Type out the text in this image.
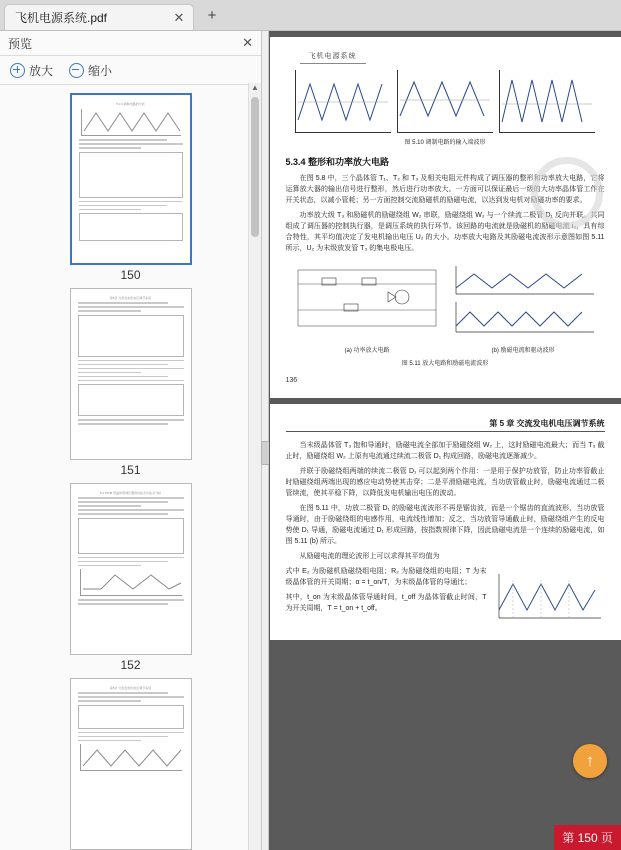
飞机电源系统.pdf	✕	+
预览	✕
放大	缩小
5.3.3 调制电路的分析
150
第5章 交流发电机电压调节系统
151
5.4 PWM 型晶体管调压器的性能及功能及分析
152
第5章 交流发电机电压调节系统
▲
飞机电源系统
图 5.10 调制电路的输入端波形
5.3.4 整形和功率放大电路

在图 5.8 中，三个晶体管 T₁、T₂ 和 T₃ 及相关电阻元件构成了调压器的整形和功率放大电路，它将运算放大器的输出信号进行整形，然后进行功率放大。一方面可以保证最后一级的大功率晶体管工作在开关状态，以减小管耗；另一方面控制交流励磁机的励磁电流，以达到发电机对励磁功率的要求。

功率放大级 T₃ 和励磁机的励磁绕组 W₂ 串联，励磁绕组 W₂ 与一个续流二极管 D₁ 反向并联。共同组成了调压器的控制执行器，是调压系统的执行环节。该回路的电流就是励磁机的励磁电流 i₂，具有综合特性，其平均值决定了发电机输出电压 U₂ 的大小。功率放大电路及其励磁电流波形示意图如图 5.11 所示，U₂ 为末级放发管 T₃ 的集电极电压。

(a) 功率放大电路	(b) 励磁电流和驱动波形
图 5.11 放大电路和励磁电流波形
136
第 5 章 交流发电机电压调节系统

当末级晶体管 T₃ 饱和导通时，励磁电流全部加于励磁绕组 W₂ 上，这时励磁电流最大；而当 T₃ 截止时，励磁绕组 W₂ 上原有电流通过续流二极管 D₁ 构成回路，励磁电流逐渐减少。

并联于励磁绕组两端的续流二极管 D₁ 可以起到两个作用：一是用于保护功放管，防止功率管截止时励磁绕组两端出现的感应电动势使其击穿；二是平滑励磁电流，当功放管截止时，励磁电流通过二极管续流，使其平稳下降，以降低发电机输出电压的波动。

在图 5.11 中，功放二极管 D₁ 的励磁电流波形不再是锯齿波，而是一个锯齿的直流波形，当功放管导通时，由于励磁绕组的电感作用，电流线性增加；反之，当功放管导通截止时，励磁绕组产生的反电势使 D₁ 导通，励磁电流通过 D₁ 形成回路，按指数规律下降，因此励磁电流是一个连续的励磁电流，如图 5.11 (b) 所示。

从励磁电流的理论波形上可以求得其平均值为

式中 E₂ 为励磁机励磁绕组电阻；R₂ 为励磁绕组的电阻；T 为末级晶体管的开关周期；α = t_on/T，为末级晶体管的导通比；

其中，t_on 为末级晶体管导通时间，t_off 为晶体管截止时间，T 为开关周期，T = t_on + t_off。

↑
第 150 页
